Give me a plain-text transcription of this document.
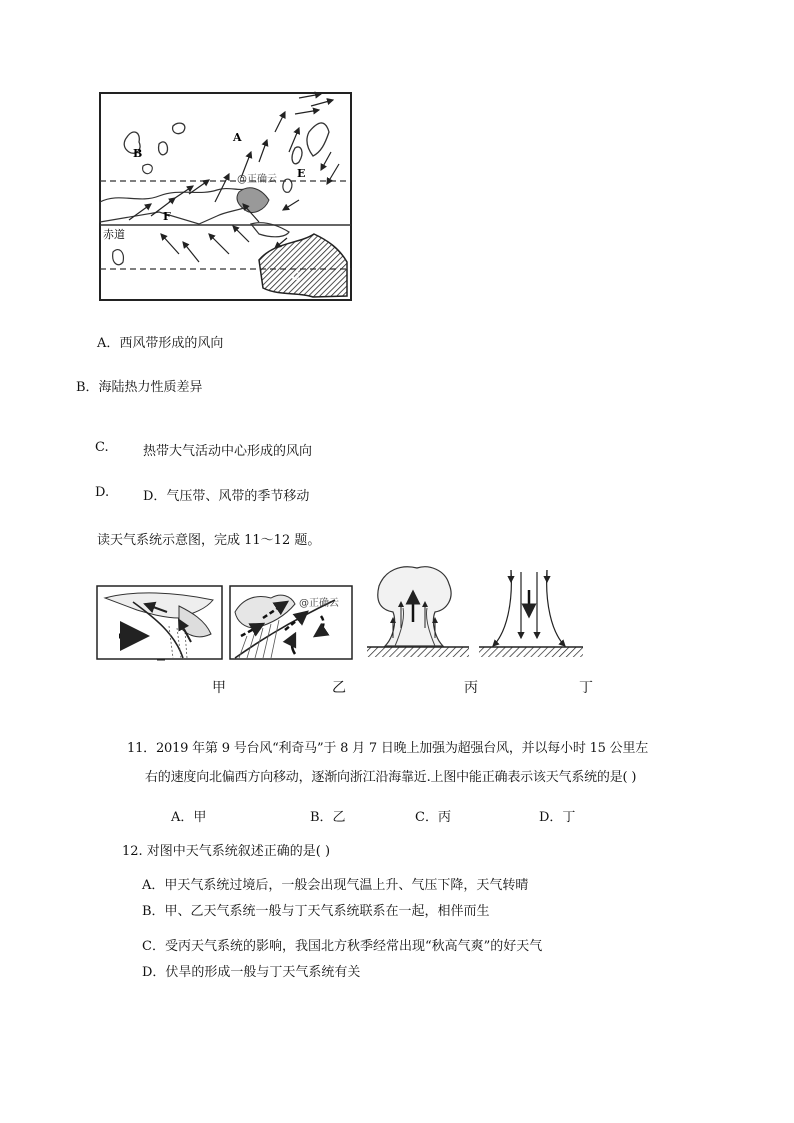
A
B
E
F
C
赤道
@正确云
A．西风带形成的风向
B．海陆热力性质差异
C.	热带大气活动中心形成的风向
D.	D．气压带、风带的季节移动
读天气系统示意图，完成 11～12 题。
@正确云
甲	乙	丙	丁
11．2019 年第 9 号台风“利奇马”于 8 月 7 日晚上加强为超强台风，并以每小时 15 公里左
右的速度向北偏西方向移动，逐渐向浙江沿海靠近.上图中能正确表示该天气系统的是( )
A．甲	B．乙	C．丙	D．丁
12. 对图中天气系统叙述正确的是( )
A．甲天气系统过境后，一般会出现气温上升、气压下降，天气转晴
B．甲、乙天气系统一般与丁天气系统联系在一起，相伴而生
C．受丙天气系统的影响，我国北方秋季经常出现“秋高气爽”的好天气
D．伏旱的形成一般与丁天气系统有关
